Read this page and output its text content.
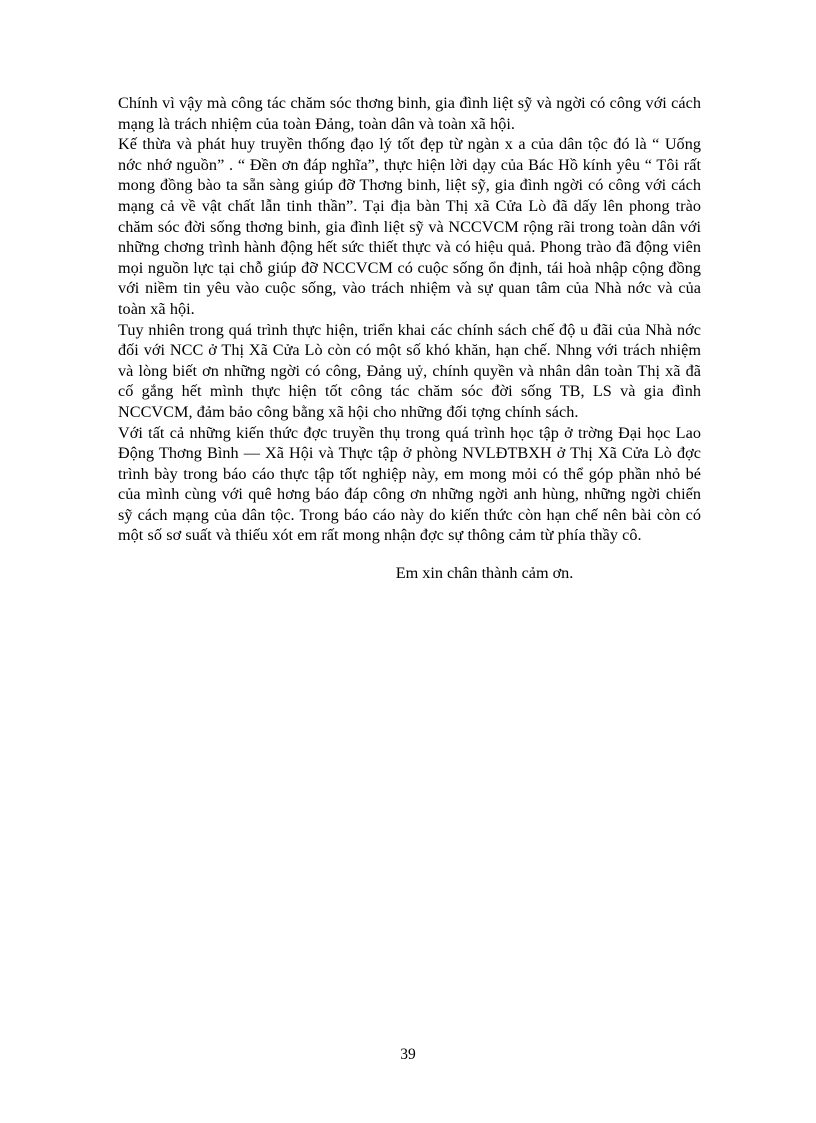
Chính vì vậy mà công tác chăm sóc thơng binh, gia đình liệt sỹ và ngời có công với cách mạng là trách nhiệm của toàn Đảng, toàn dân và toàn xã hội.

Kế thừa và phát huy truyền thống đạo lý tốt đẹp từ ngàn x a của dân tộc đó là “ Uống nớc nhớ nguồn” . “ Đền ơn đáp nghĩa”, thực hiện lời dạy của Bác Hồ kính yêu “ Tôi rất mong đồng bào ta sẵn sàng giúp đỡ Thơng binh, liệt sỹ, gia đình ngời có công với cách mạng cả về vật chất lẫn tinh thần”. Tại địa bàn Thị xã Cửa Lò đã dấy lên phong trào chăm sóc đời sống thơng binh, gia đình liệt sỹ và NCCVCM rộng rãi trong toàn dân với những chơng trình hành động hết sức thiết thực và có hiệu quả. Phong trào đã động viên mọi nguồn lực tại chỗ giúp đỡ NCCVCM có cuộc sống ổn định, tái hoà nhập cộng đồng với niềm tin yêu vào cuộc sống, vào trách nhiệm và sự quan tâm của Nhà nớc và của toàn xã hội.

Tuy nhiên trong quá trình thực hiện, triển khai các chính sách chế độ u đãi của Nhà nớc đối với NCC ở Thị Xã Cửa Lò còn có một số khó khăn, hạn chế. Nhng với trách nhiệm và lòng biết ơn những ngời có công, Đảng uỷ, chính quyền và nhân dân toàn Thị xã đã cố gắng hết mình thực hiện tốt công tác chăm sóc đời sống TB, LS và gia đình NCCVCM, đảm bảo công bằng xã hội cho những đối tợng chính sách.

Với tất cả những kiến thức đợc truyền thụ trong quá trình học tập ở trờng Đại học Lao Động Thơng Bình — Xã Hội và Thực tập ở phòng NVLĐTBXH ở Thị Xã Cửa Lò đợc trình bày trong báo cáo thực tập tốt nghiệp này, em mong mỏi có thể góp phần nhỏ bé của mình cùng với quê hơng báo đáp công ơn những ngời anh hùng, những ngời chiến sỹ cách mạng của dân tộc. Trong báo cáo này do kiến thức còn hạn chế nên bài còn có một số sơ suất và thiếu xót em rất mong nhận đợc sự thông cảm từ phía thầy cô.

Em xin chân thành cảm ơn.

39
